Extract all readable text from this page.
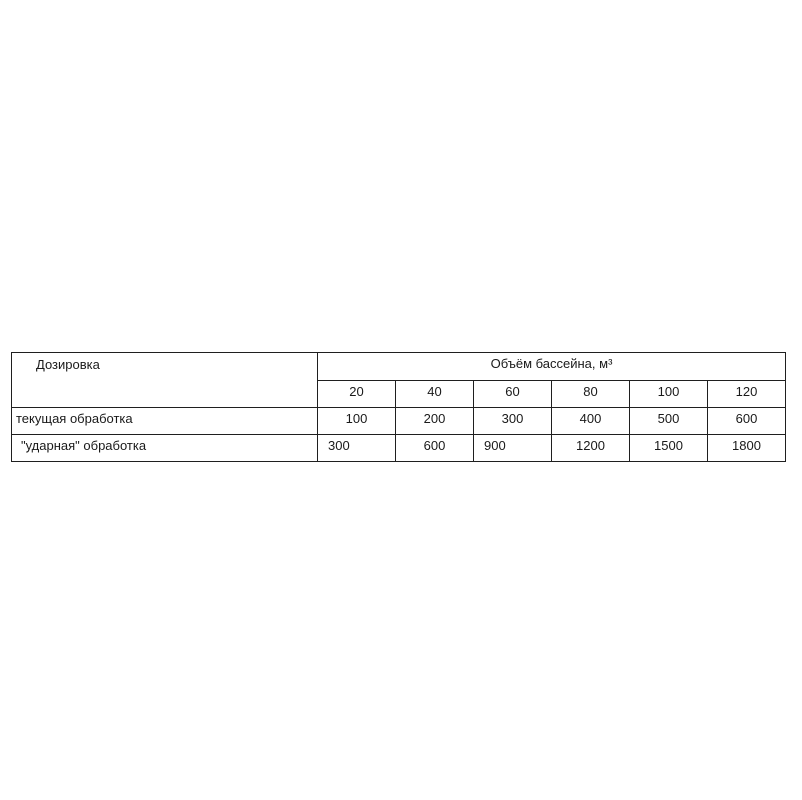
Дозировка	Объём бассейна, м³					
	20	40	60	80	100	120
текущая обработка	100	200	300	400	500	600
"ударная" обработка	300	600	900	1200	1500	1800
